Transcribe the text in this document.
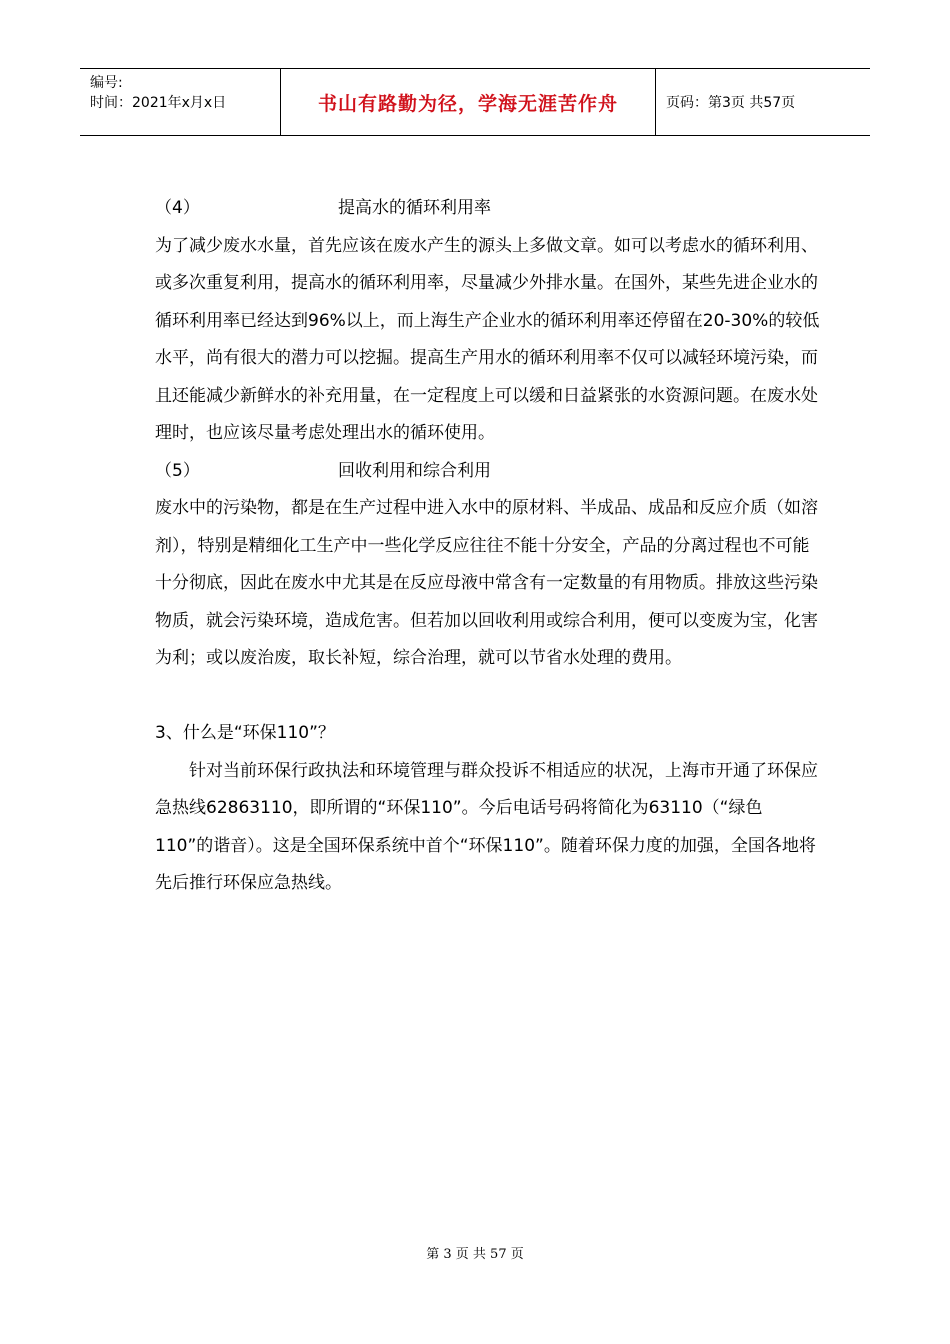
编号:
时间：2021年x月x日	书山有路勤为径，学海无涯苦作舟	页码：第3页 共57页
（4）	提高水的循环利用率

为了减少废水水量，首先应该在废水产生的源头上多做文章。如可以考虑水的循环利用、或多次重复利用，提高水的循环利用率，尽量减少外排水量。在国外，某些先进企业水的循环利用率已经达到96%以上，而上海生产企业水的循环利用率还停留在20-30%的较低水平，尚有很大的潜力可以挖掘。提高生产用水的循环利用率不仅可以减轻环境污染，而且还能减少新鲜水的补充用量，在一定程度上可以缓和日益紧张的水资源问题。在废水处理时，也应该尽量考虑处理出水的循环使用。

（5）	回收利用和综合利用

废水中的污染物，都是在生产过程中进入水中的原材料、半成品、成品和反应介质（如溶剂），特别是精细化工生产中一些化学反应往往不能十分安全，产品的分离过程也不可能十分彻底，因此在废水中尤其是在反应母液中常含有一定数量的有用物质。排放这些污染物质，就会污染环境，造成危害。但若加以回收利用或综合利用，便可以变废为宝，化害为利；或以废治废，取长补短，综合治理，就可以节省水处理的费用。

3、什么是“环保110”？

针对当前环保行政执法和环境管理与群众投诉不相适应的状况，上海市开通了环保应急热线62863110，即所谓的“环保110”。今后电话号码将简化为63110（“绿色110”的谐音）。这是全国环保系统中首个“环保110”。随着环保力度的加强，全国各地将先后推行环保应急热线。

第 3 页 共 57 页
